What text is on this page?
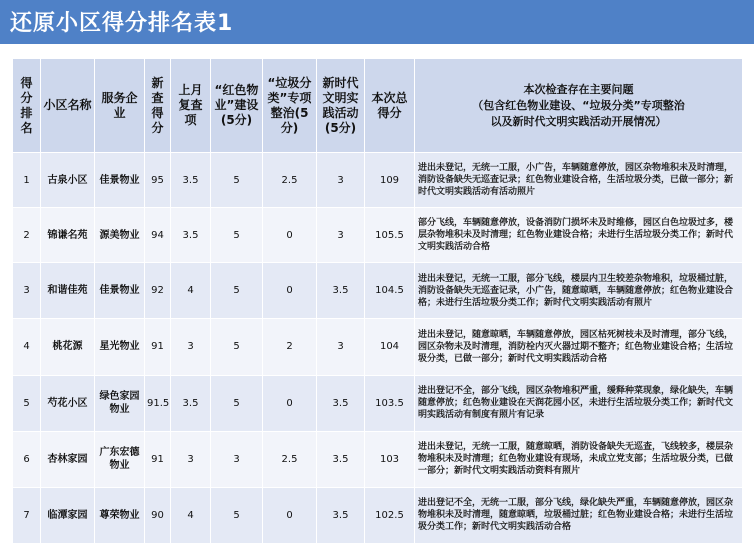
还原小区得分排名表1
得分排名	小区名称	服务企业	新查得分	上月复查项	“红色物业”建设(5分)	“垃圾分类”专项整治(5分)	新时代文明实践活动(5分)	本次总得分	本次检查存在主要问题
（包含红色物业建设、“垃圾分类”专项整治
以及新时代文明实践活动开展情况）

1	古泉小区	佳景物业	95	3.5	5	2.5	3	109	进出未登记，无统一工服，小广告，车辆随意停放，园区杂物堆积未及时清理，消防设备缺失无巡查记录；红色物业建设合格，生活垃圾分类，已做一部分；新时代文明实践活动有活动照片
2	锦谦名苑	源美物业	94	3.5	5	0	3	105.5	部分飞线，车辆随意停放，设备消防门损坏未及时维修，园区白色垃圾过多，楼层杂物堆积未及时清理；红色物业建设合格；未进行生活垃圾分类工作；新时代文明实践活动合格
3	和谐佳苑	佳景物业	92	4	5	0	3.5	104.5	进出未登记，无统一工服，部分飞线，楼层内卫生较差杂物堆积，垃圾桶过脏，消防设备缺失无巡查记录，小广告，随意晾晒，车辆随意停放；红色物业建设合格；未进行生活垃圾分类工作；新时代文明实践活动有照片
4	桃花源	星光物业	91	3	5	2	3	104	进出未登记，随意晾晒，车辆随意停放，园区枯死树枝未及时清理，部分飞线，园区杂物未及时清理，消防栓内灭火器过期不整齐；红色物业建设合格；生活垃圾分类，已做一部分；新时代文明实践活动合格
5	芍花小区	绿色家园物业	91.5	3.5	5	0	3.5	103.5	进出登记不全，部分飞线，园区杂物堆积严重，缓释种菜现象，绿化缺失，车辆随意停放；红色物业建设在天润花园小区，未进行生活垃圾分类工作；新时代文明实践活动有制度有照片有记录
6	杏林家园	广东宏德物业	91	3	3	2.5	3.5	103	进出未登记，无统一工服，随意晾晒，消防设备缺失无巡查，飞线较多，楼层杂物堆积未及时清理；红色物业建设有现场，未成立党支部；生活垃圾分类，已做一部分；新时代文明实践活动资料有照片
7	临潭家园	尊荣物业	90	4	5	0	3.5	102.5	进出登记不全，无统一工服，部分飞线，绿化缺失严重，车辆随意停放，园区杂物堆积未及时清理，随意晾晒，垃圾桶过脏；红色物业建设合格；未进行生活垃圾分类工作；新时代文明实践活动合格
